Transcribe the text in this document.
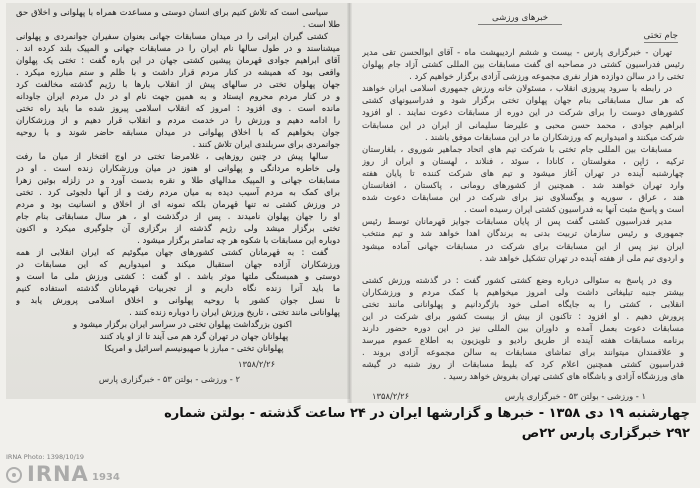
سیاسی است که تلاش کنیم برای انسان دوستی و مساعدت همراه با پهلوانی و اخلاق حق
طلا است .
کشتی گیران ایرانی را در میدان مسابقات جهانی بعنوان سفیران جوانمردی و پهلوانی
میشناسند و در طول سالها نام ایران را در مسابقات جهانی و المپیک بلند کرده اند .
آقای ابراهیم جوادی قهرمان پیشین کشتی جهان در این باره گفت : تختی یک پهلوان
واقعی بود که همیشه در کنار مردم قرار داشت و با ظلم و ستم مبارزه میکرد .
جهان پهلوان تختی در سالهای پیش از انقلاب بارها با رژیم گذشته مخالفت کرد
و در کنار مردم محروم ایستاد و به همین جهت نام او در دل مردم ایران جاودانه
مانده است . وی افزود : امروز که انقلاب اسلامی پیروز شده ما باید راه تختی
را ادامه دهیم و ورزش را در خدمت مردم و انقلاب قرار دهیم و از ورزشکاران
جوان بخواهیم که با اخلاق پهلوانی در میدان مسابقه حاضر شوند و با روحیه
جوانمردی برای سربلندی ایران تلاش کنند .
سالها پیش در چنین روزهایی ، غلامرضا تختی در اوج افتخار از میان ما رفت
ولی خاطره مردانگی و پهلوانی او هنوز در میان ورزشکاران زنده است . او در
مسابقات جهانی و المپیک مدالهای طلا و نقره بدست آورد و در زلزله بوئین زهرا
برای کمک به مردم آسیب دیده به میان مردم رفت و از آنها دلجوئی کرد . تختی
در ورزش کشتی نه تنها قهرمان بلکه نمونه ای از اخلاق و انسانیت بود و مردم
او را جهان پهلوان نامیدند . پس از درگذشت او ، هر سال مسابقاتی بنام جام
تختی برگزار میشد ولی رژیم گذشته از برگزاری آن جلوگیری میکرد و اکنون
دوباره این مسابقات با شکوه هر چه تمامتر برگزار میشود .
گفت : به قهرمانان کشتی کشورهای جهان میگوئیم که ایران انقلابی از همه
ورزشکاران آزاده جهان استقبال میکند و امیدواریم که این مسابقات در
دوستی و همبستگی ملتها موثر باشد . او گفت : کشتی ورزش ملی ما است و
ما باید آنرا زنده نگاه داریم و از تجربیات قهرمانان گذشته استفاده کنیم
تا نسل جوان کشور با روحیه پهلوانی و اخلاق اسلامی پرورش یابد و
پهلوانانی مانند تختی ، تاریخ ورزش ایران را دوباره زنده کنند .
اکنون بزرگداشت پهلوان تختی در سراسر ایران برگزار میشود و
پهلوانان جهان در تهران گرد هم می آیند تا از او یاد کنند
پهلوانان تختی - مبارز با صهیونیسم اسرائیل و امریکا
۱۳۵۸/۲/۲۶
۲ - ورزشی - بولتن ۵۳ - خبرگزاری پارس
خبرهای ورزشی
جام تختی
تهران - خبرگزاری پارس - بیست و ششم اردیبهشت ماه - آقای ابوالحسن تقی مدیر
رئیس فدراسیون کشتی در مصاحبه ای گفت مسابقات بین المللی کشتی آزاد جام پهلوان
تختی را در سالن دوازده هزار نفری مجموعه ورزشی آزادی برگزار خواهیم کرد .
در رابطه با سرود پیروزی انقلاب ، مسئولان خانه ورزش جمهوری اسلامی ایران خواهند
که هر سال مسابقاتی بنام جهان پهلوان تختی برگزار شود و فدراسیونهای کشتی
کشورهای دوست را برای شرکت در این دوره از مسابقات دعوت نمایند . او افزود
ابراهیم جوادی ، محمد حسن محبی و علیرضا سلیمانی از ایران در این مسابقات
شرکت میکنند و امیدواریم که ورزشکاران ما در این مسابقات موفق باشند .
مسابقات بین المللی جام تختی با شرکت تیم های اتحاد جماهیر شوروی ، بلغارستان
ترکیه ، ژاپن ، مغولستان ، کانادا ، سوئد ، فنلاند ، لهستان و ایران از روز
چهارشنبه آینده در تهران آغاز میشود و تیم های شرکت کننده تا پایان هفته
وارد تهران خواهند شد . همچنین از کشورهای رومانی ، پاکستان ، افغانستان
هند ، عراق ، سوریه و یوگسلاوی نیز برای شرکت در این مسابقات دعوت شده
است و پاسخ مثبت آنها به فدراسیون کشتی ایران رسیده است .
مدیر فدراسیون کشتی گفت پس از پایان مسابقات جوایز قهرمانان توسط رئیس
جمهوری و رئیس سازمان تربیت بدنی به برندگان اهدا خواهد شد و تیم منتخب
ایران نیز پس از این مسابقات برای شرکت در مسابقات جهانی آماده میشود
و اردوی تیم ملی از هفته آینده در تهران تشکیل خواهد شد .
وی در پاسخ به سئوالی درباره وضع کشتی کشور گفت : در گذشته ورزش کشتی
بیشتر جنبه تبلیغاتی داشت ولی امروز میخواهیم با کمک مردم و ورزشکاران
انقلابی ، کشتی را به جایگاه اصلی خود بازگردانیم و پهلوانانی مانند تختی
پرورش دهیم . او افزود : تاکنون از بیش از بیست کشور برای شرکت در این
مسابقات دعوت بعمل آمده و داوران بین المللی نیز در این دوره حضور دارند
برنامه مسابقات هفته آینده از طریق رادیو و تلویزیون به اطلاع عموم میرسد
و علاقمندان میتوانند برای تماشای مسابقات به سالن مجموعه آزادی بروند .
فدراسیون کشتی همچنین اعلام کرد که بلیط مسابقات از روز شنبه در گیشه
های ورزشگاه آزادی و باشگاه های کشتی تهران بفروش خواهد رسید .
۱۳۵۸/۲/۲۶	۱ - ورزشی - بولتن ۵۳ - خبرگزاری پارس
چهارشنبه ۱۹ دی ۱۳۵۸ - خبرها و گزارشها ایران در ۲۴ ساعت گذشته - بولتن شماره
۲۹۲ خبرگزاری پارس ۲۲ص
IRNA Photo: 1398/10/19
IRNA 1934
